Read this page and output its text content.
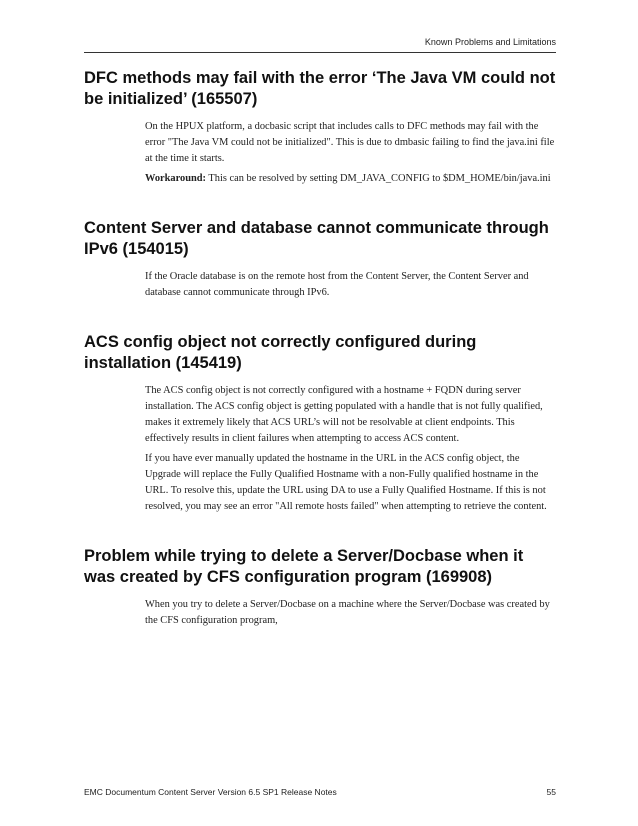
Known Problems and Limitations
DFC methods may fail with the error ‘The Java VM could not be initialized’ (165507)

On the HPUX platform, a docbasic script that includes calls to DFC methods may fail with the error "The Java VM could not be initialized". This is due to dmbasic failing to find the java.ini file at the time it starts.

Workaround: This can be resolved by setting DM_JAVA_CONFIG to $DM_HOME/bin/java.ini

Content Server and database cannot communicate through IPv6 (154015)

If the Oracle database is on the remote host from the Content Server, the Content Server and database cannot communicate through IPv6.

ACS config object not correctly configured during installation (145419)

The ACS config object is not correctly configured with a hostname + FQDN during server installation. The ACS config object is getting populated with a handle that is not fully qualified, makes it extremely likely that ACS URL’s will not be resolvable at client endpoints. This effectively results in client failures when attempting to access ACS content.

If you have ever manually updated the hostname in the URL in the ACS config object, the Upgrade will replace the Fully Qualified Hostname with a non-Fully qualified hostname in the URL. To resolve this, update the URL using DA to use a Fully Qualified Hostname. If this is not resolved, you may see an error "All remote hosts failed" when attempting to retrieve the content.

Problem while trying to delete a Server/Docbase when it was created by CFS configuration program (169908)

When you try to delete a Server/Docbase on a machine where the Server/Docbase was created by the CFS configuration program,

EMC Documentum Content Server Version 6.5 SP1 Release Notes	55
